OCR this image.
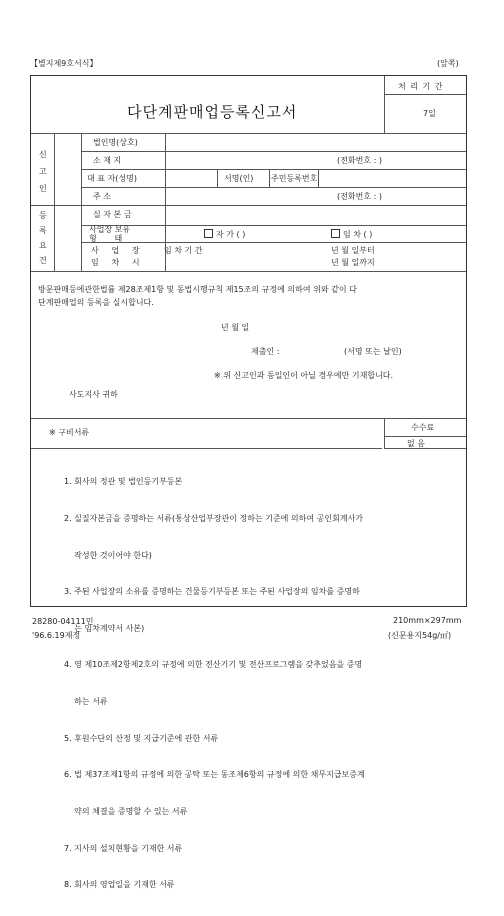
【별지제9호서식】	(앞쪽)
다단계판매업등록신고서
처 리 기 간
7일
신
고
인
법인명(상호)
소 재 지	(전화번호 : )
대 표 자(성명)	서명(인) 주민등록번호
주 소	(전화번호 : )
등
록
요
건
실 자 본 금
사업장 보유
형       태	자 가 ( )	임 차 ( )
사     업     장
임     차     시
임 차 기 간	년 월 일부터
년 월 일까지
방문판매등에관한법률 제28조제1항 및 동법시행규칙 제15조의 규정에 의하여 위와 같이 다
단계판매업의 등록을 실시합니다.
년 월 일
제출인 :	(서명 또는 날인)
※ 위 신고인과 동일인이 아닐 경우에만 기재합니다.
사도지사 귀하
※ 구비서류
수수료
없 음

1. 회사의 정관 및 법인등기부등본

2. 실질자본금을 증명하는 서류(통상산업부장관이 정하는 기준에 의하여 공인회계사가

작성한 것이어야 한다)

3. 주된 사업장의 소유를 증명하는 건물등기부등본 또는 주된 사업장의 임차를 증명하

는 임차계약서 사본)

4. 영 제10조제2항제2호의 규정에 의한 전산기기 및 전산프로그램을 갖추었음을 증명

하는 서류

5. 후원수단의 산정 및 지급기준에 관한 서류

6. 법 제37조제1항의 규정에 의한 공탁 또는 동조제6항의 규정에 의한 채무지급보증계

약의 체결을 증명할 수 있는 서류

7. 지사의 설치현황을 기재한 서류

8. 회사의 영업일을 기재한 서류

28280-04111민
'96.6.19제정
210mm×297mm
(신문용지54g/㎡)
